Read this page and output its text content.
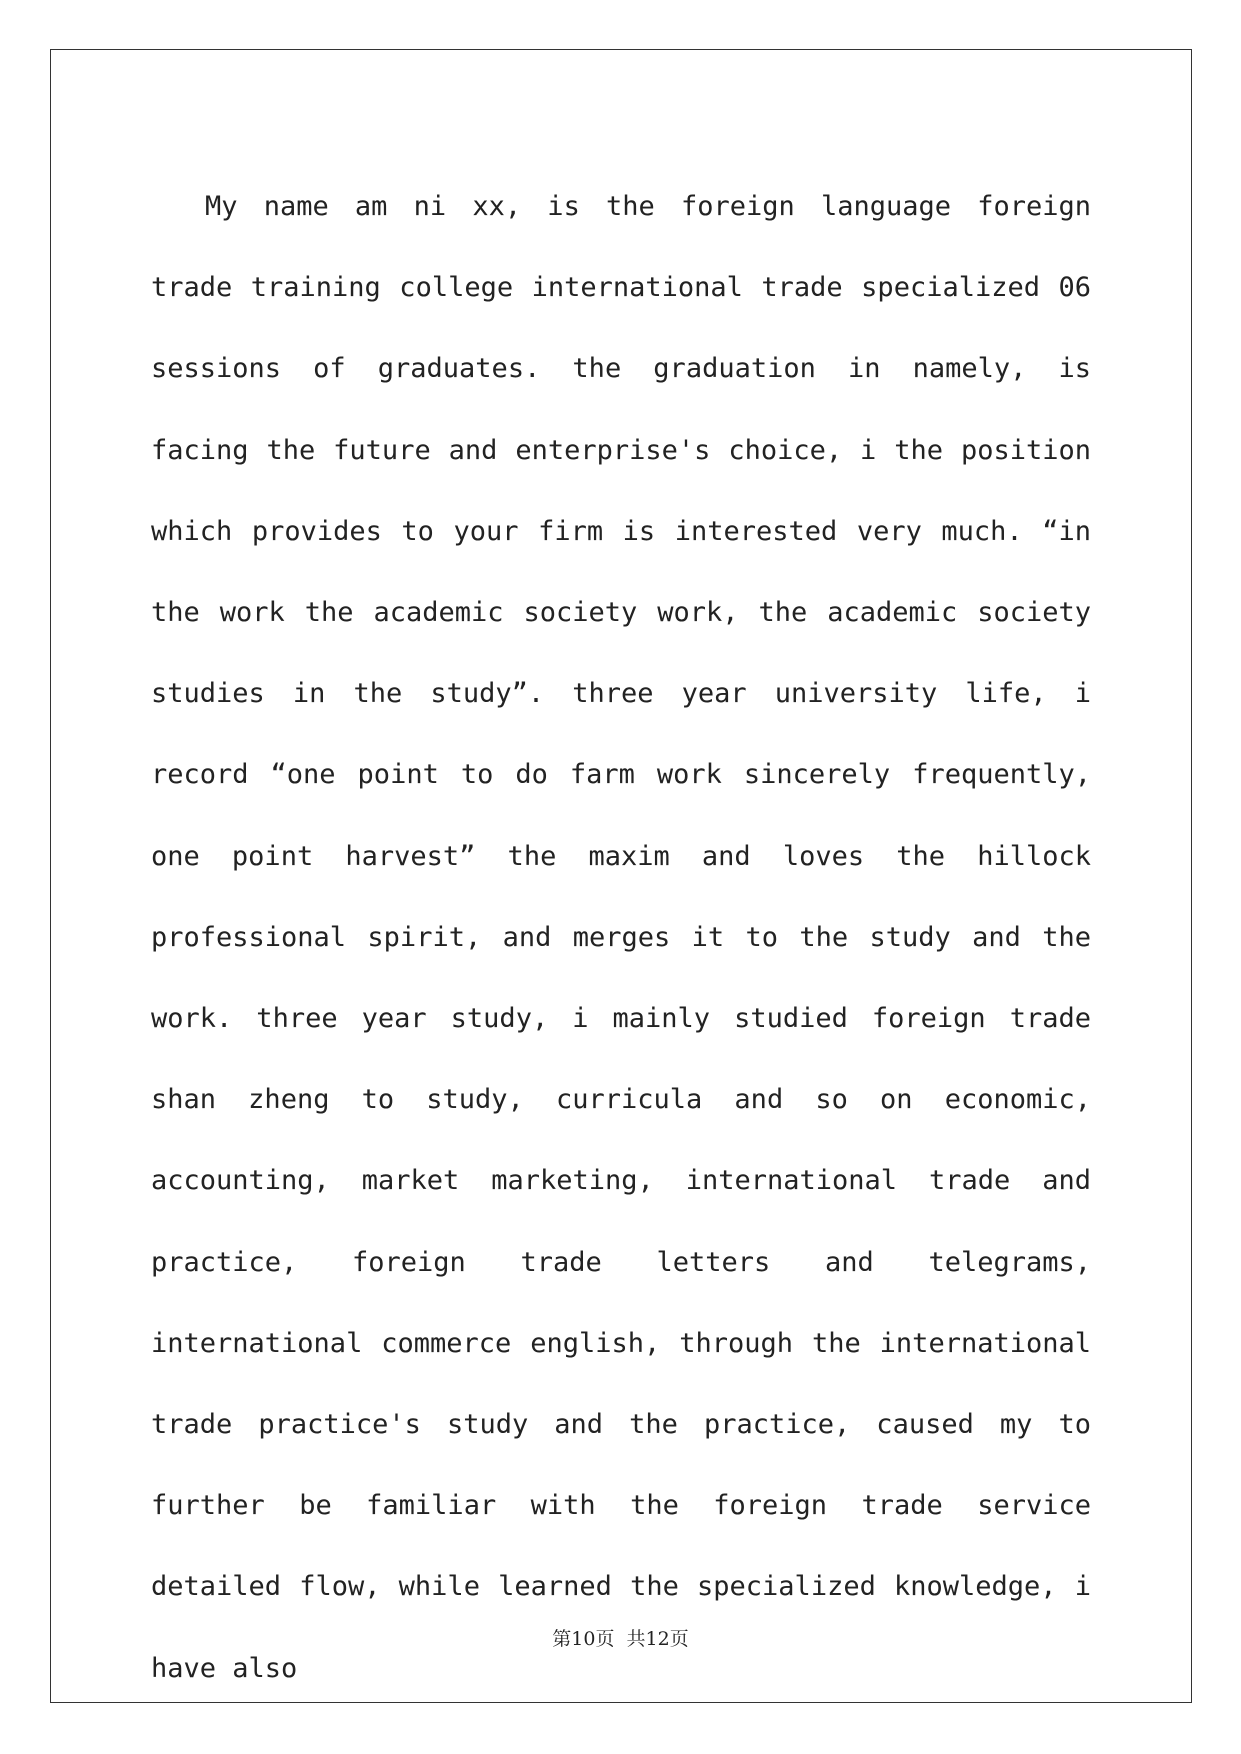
My name am ni xx, is the foreign language foreign trade training college international trade specialized 06 sessions of graduates. the graduation in namely, is facing the future and enterprise's choice, i the position which provides to your firm is interested very much. “in the work the academic society work, the academic society studies in the study”. three year university life, i record “one point to do farm work sincerely frequently, one point harvest” the maxim and loves the hillock professional spirit, and merges it to the study and the work. three year study, i mainly studied foreign trade shan zheng to study, curricula and so on economic, accounting, market marketing, international trade and practice, foreign trade letters and telegrams, international commerce english, through the international trade practice's study and the practice, caused my to further be familiar with the foreign trade service detailed flow, while learned the specialized knowledge, i have also

第10页  共12页
